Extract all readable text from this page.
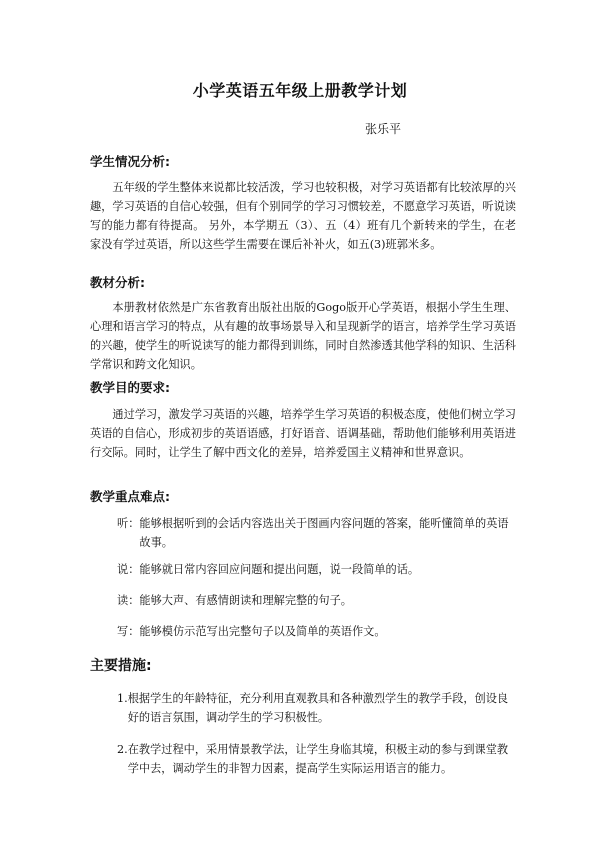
小学英语五年级上册教学计划
张乐平
学生情况分析:

五年级的学生整体来说都比较活泼，学习也较积极，对学习英语都有比较浓厚的兴趣，学习英语的自信心较强，但有个别同学的学习习惯较差，不愿意学习英语，听说读写的能力都有待提高。 另外，本学期五（3）、五（4）班有几个新转来的学生，在老家没有学过英语，所以这些学生需要在课后补补火，如五(3)班郭米多。

教材分析:

本册教材依然是广东省教育出版社出版的Gogo版开心学英语，根据小学生生理、心理和语言学习的特点，从有趣的故事场景导入和呈现新学的语言，培养学生学习英语的兴趣，使学生的听说读写的能力都得到训练，同时自然渗透其他学科的知识、生活科学常识和跨文化知识。

教学目的要求:

通过学习，激发学习英语的兴趣，培养学生学习英语的积极态度，使他们树立学习英语的自信心，形成初步的英语语感，打好语音、语调基础，帮助他们能够利用英语进行交际。同时，让学生了解中西文化的差异，培养爱国主义精神和世界意识。

教学重点难点:
听： 能够根据听到的会话内容选出关于图画内容问题的答案，能听懂简单的英语故事。
说： 能够就日常内容回应问题和提出问题，说一段简单的话。
读： 能够大声、有感情朗读和理解完整的句子。
写： 能够模仿示范写出完整句子以及简单的英语作文。
主要措施:
1. 根据学生的年龄特征，充分利用直观教具和各种激烈学生的教学手段，创设良好的语言氛围，调动学生的学习积极性。
2. 在教学过程中，采用情景教学法，让学生身临其境，积极主动的参与到课堂教学中去，调动学生的非智力因素，提高学生实际运用语言的能力。
